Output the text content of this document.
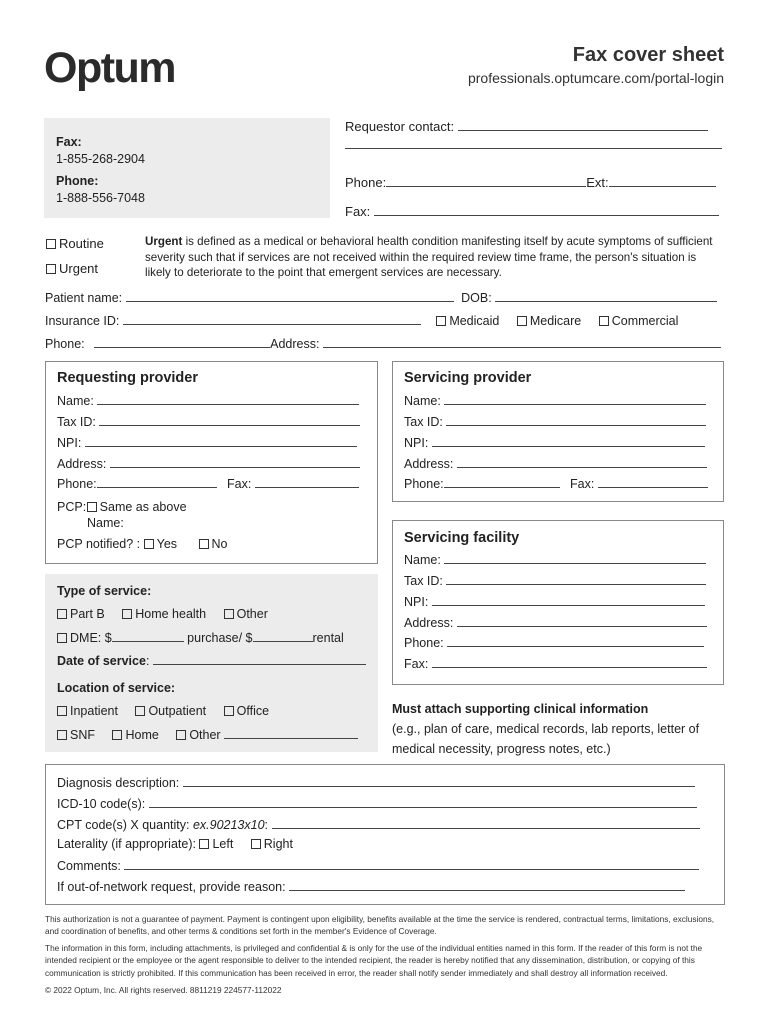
Optum	Fax cover sheet
professionals.optumcare.com/portal-login
Fax:
1-855-268-2904
Phone:
1-888-556-7048
Requestor contact:
Phone:	Ext:
Fax:
Routine
Urgent
Urgent is defined as a medical or behavioral health condition manifesting itself by acute symptoms of sufficient severity such that if services are not received within the required review time frame, the person's situation is likely to deteriorate to the point that emergent services are necessary.
Patient name:	DOB:
Insurance ID:	Medicaid Medicare Commercial
Phone:	Address:
Requesting provider
Name:
Tax ID:
NPI:
Address:
Phone:	Fax:
PCP: Same as above
Name:
PCP notified? : Yes	No
Servicing provider
Name:
Tax ID:
NPI:
Address:
Phone:	Fax:
Servicing facility
Name:
Tax ID:
NPI:
Address:
Phone:
Fax:
Type of service:
Part B Home health Other
DME: $	purchase/ $	rental
Date of service:
Location of service:
Inpatient Outpatient Office
SNF Home Other
Must attach supporting clinical information
(e.g., plan of care, medical records, lab reports, letter of medical necessity, progress notes, etc.)
Diagnosis description:
ICD-10 code(s):
CPT code(s) X quantity: ex.90213x10:
Laterality (if appropriate): Left Right
Comments:
If out-of-network request, provide reason:
This authorization is not a guarantee of payment. Payment is contingent upon eligibility, benefits available at the time the service is rendered, contractual terms, limitations, exclusions, and coordination of benefits, and other terms & conditions set forth in the member's Evidence of Coverage.
The information in this form, including attachments, is privileged and confidential & is only for the use of the individual entities named in this form. If the reader of this form is not the intended recipient or the employee or the agent responsible to deliver to the intended recipient, the reader is hereby notified that any dissemination, distribution, or copying of this communication is strictly prohibited. If this communication has been received in error, the reader shall notify sender immediately and shall destroy all information received.
© 2022 Optum, Inc. All rights reserved. 8811219 224577-112022
